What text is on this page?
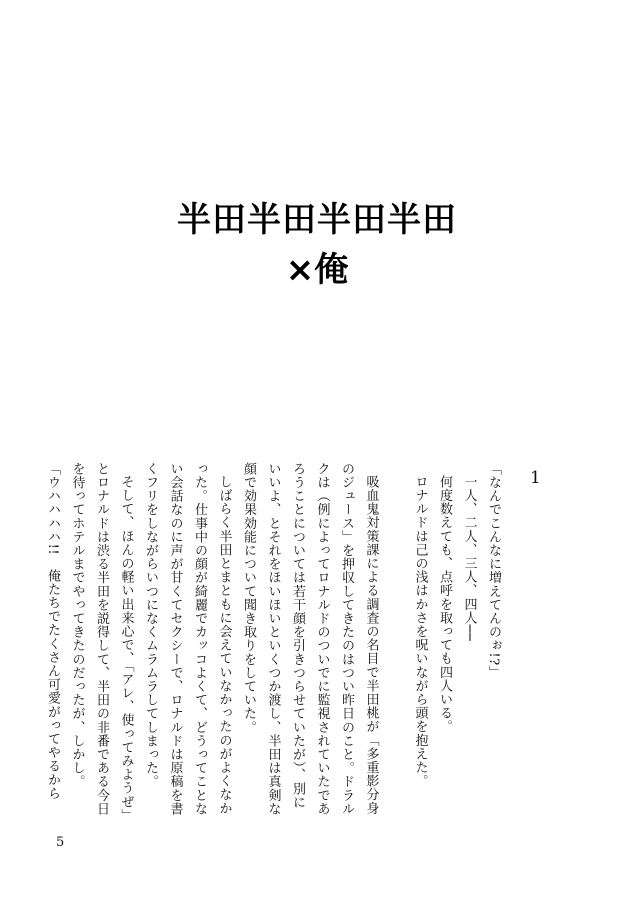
半田半田半田半田
×俺
1

「なんでこんなに増えてんのぉ!?」

一人、二人、三人、四人──

何度数えても、点呼を取っても四人いる。

ロナルドは己の浅はかさを呪いながら頭を抱えた。

吸血鬼対策課による調査の名目で半田桃が「多重影分身のジュース」を押収してきたのはつい昨日のこと。ドラルクは（例によってロナルドのついでに監視されていたであろうことについては若干顔を引きつらせていたが）、別にいいよ、とそれをほいほいといくつか渡し、半田は真剣な顔で効果効能について聞き取りをしていた。

しばらく半田とまともに会えていなかったのがよくなかった。仕事中の顔が綺麗でカッコよくて、どうってことない会話なのに声が甘くてセクシーで、ロナルドは原稿を書くフリをしながらいつになくムラムラしてしまった。

そして、ほんの軽い出来心で、「アレ、使ってみようぜ」とロナルドは渋る半田を説得して、半田の非番である今日を待ってホテルまでやってきたのだったが、しかし。

「ウハハハハ!!　俺たちでたくさん可愛がってやるから

5
